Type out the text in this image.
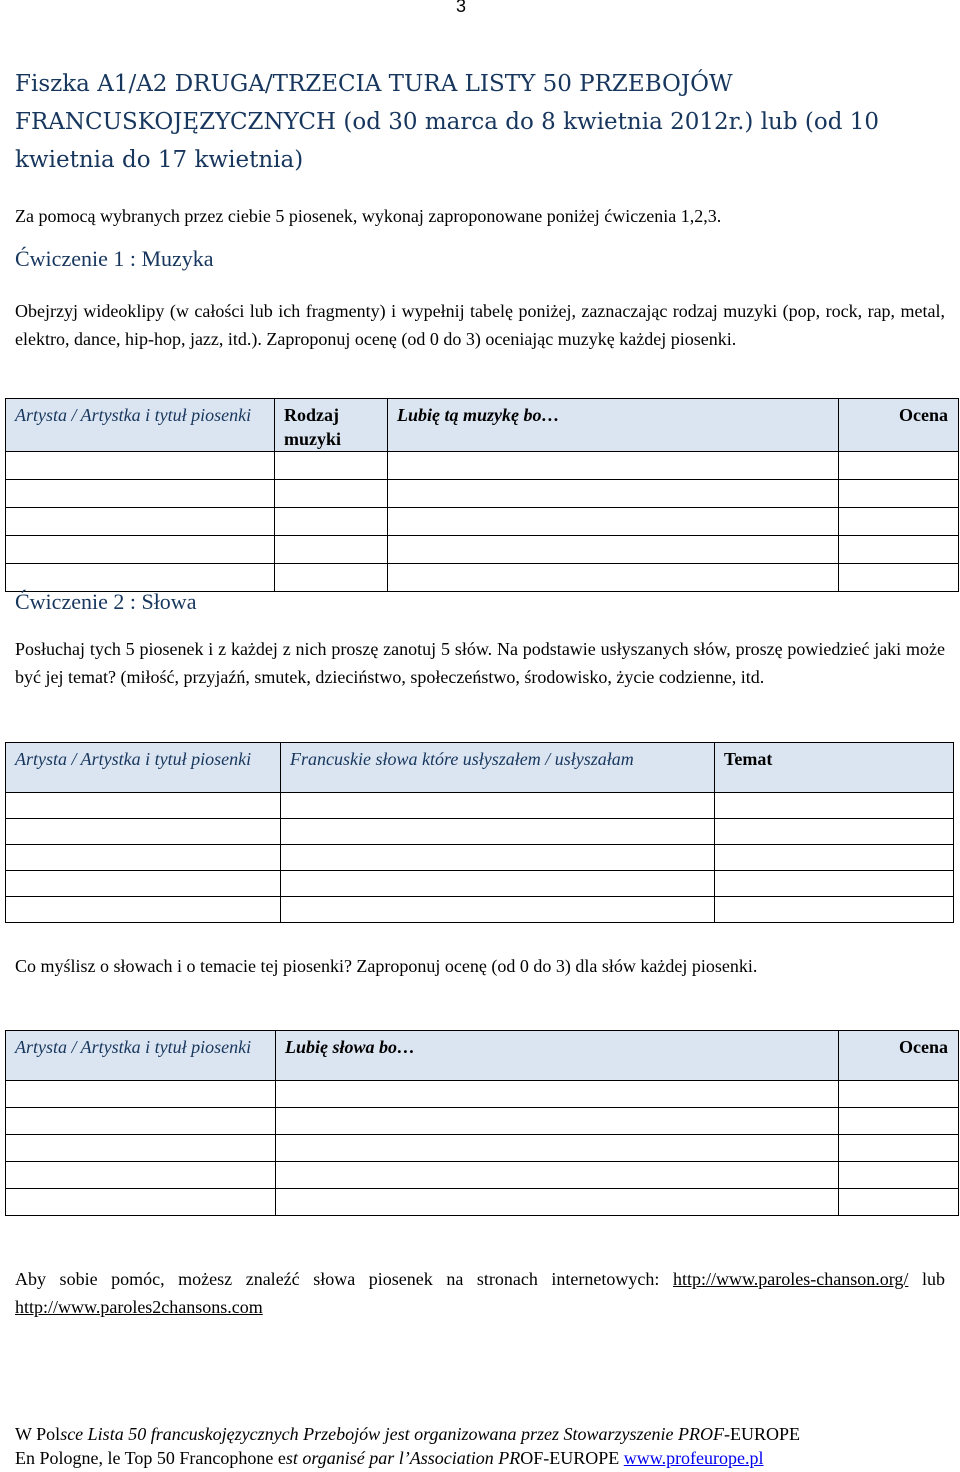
3
Fiszka A1/A2 DRUGA/TRZECIA TURA LISTY 50 PRZEBOJÓW FRANCUSKOJĘZYCZNYCH (od 30 marca do 8 kwietnia 2012r.) lub (od 10 kwietnia do 17 kwietnia)
Za pomocą wybranych przez ciebie 5 piosenek, wykonaj zaproponowane poniżej ćwiczenia 1,2,3.
Ćwiczenie 1 : Muzyka
Obejrzyj wideoklipy (w całości lub ich fragmenty) i wypełnij tabelę poniżej, zaznaczając rodzaj muzyki (pop, rock, rap, metal, elektro, dance, hip-hop, jazz, itd.). Zaproponuj ocenę (od 0 do 3) oceniając muzykę każdej piosenki.
Artysta / Artystka i tytuł piosenki	Rodzaj muzyki	Lubię tą muzykę bo…	Ocena

Ćwiczenie 2 : Słowa
Posłuchaj tych 5 piosenek i z każdej z nich proszę zanotuj 5 słów. Na podstawie usłyszanych słów, proszę powiedzieć jaki może być jej temat? (miłość, przyjaźń, smutek, dzieciństwo, społeczeństwo, środowisko, życie codzienne, itd.
Artysta / Artystka i tytuł piosenki	Francuskie słowa które usłyszałem / usłyszałam	Temat

Co myślisz o słowach i o temacie tej piosenki? Zaproponuj ocenę (od 0 do 3) dla słów każdej piosenki.
Artysta / Artystka i tytuł piosenki	Lubię słowa bo…	Ocena

Aby sobie pomóc, możesz znaleźć słowa piosenek na stronach internetowych: http://www.paroles-chanson.org/ lub http://www.paroles2chansons.com
W Polsce Lista 50 francuskojęzycznych Przebojów jest organizowana przez Stowarzyszenie PROF-EUROPE
En Pologne, le Top 50 Francophone est organisé par l’Association PROF-EUROPE www.profeurope.pl
